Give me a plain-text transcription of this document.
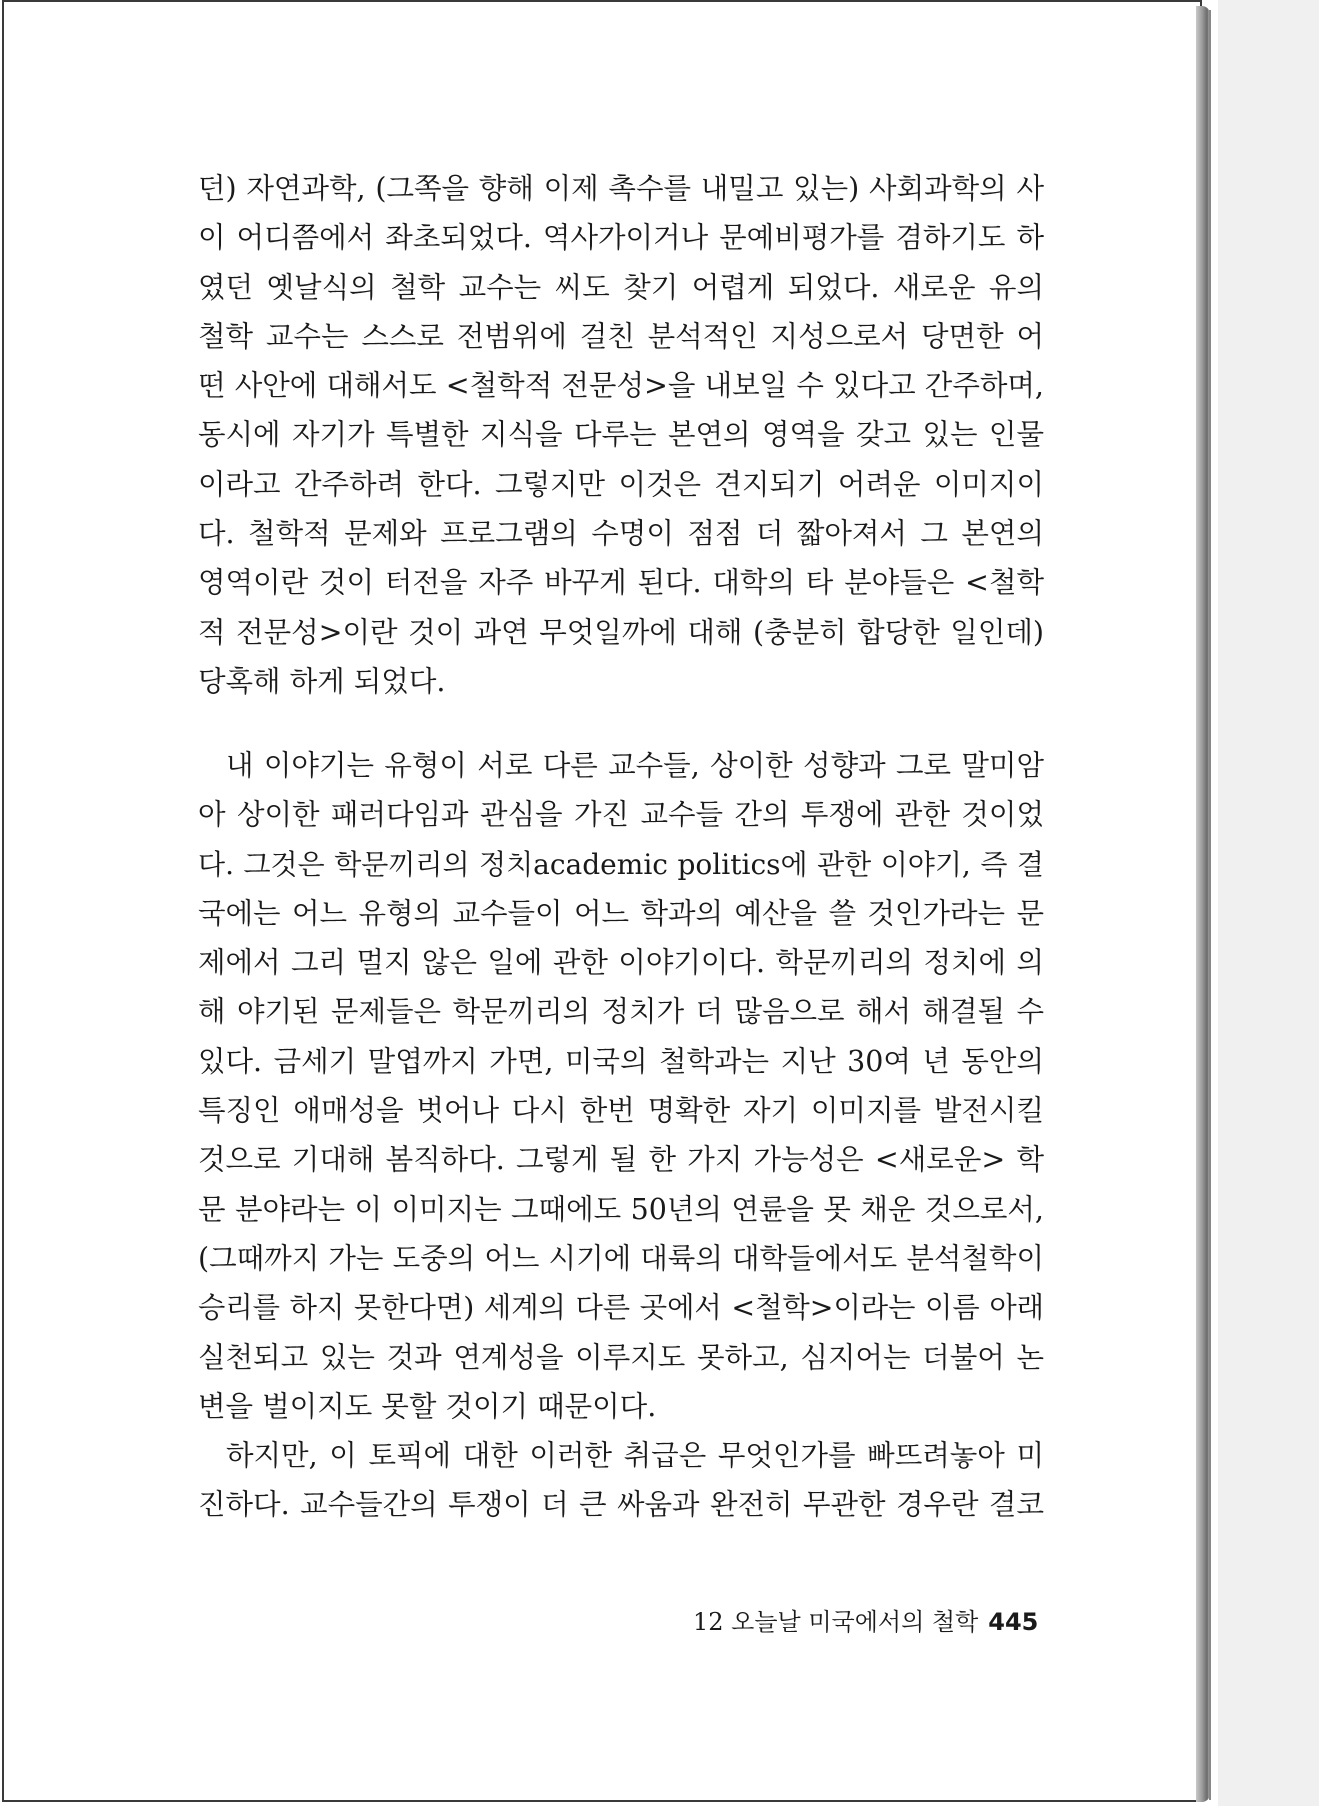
던) 자연과학, (그쪽을 향해 이제 촉수를 내밀고 있는) 사회과학의 사
이 어디쯤에서 좌초되었다. 역사가이거나 문예비평가를 겸하기도 하
였던 옛날식의 철학 교수는 씨도 찾기 어렵게 되었다. 새로운 유의
철학 교수는 스스로 전범위에 걸친 분석적인 지성으로서 당면한 어
떤 사안에 대해서도 <철학적 전문성>을 내보일 수 있다고 간주하며,
동시에 자기가 특별한 지식을 다루는 본연의 영역을 갖고 있는 인물
이라고 간주하려 한다. 그렇지만 이것은 견지되기 어려운 이미지이
다. 철학적 문제와 프로그램의 수명이 점점 더 짧아져서 그 본연의
영역이란 것이 터전을 자주 바꾸게 된다. 대학의 타 분야들은 <철학
적 전문성>이란 것이 과연 무엇일까에 대해 (충분히 합당한 일인데)
당혹해 하게 되었다.
내 이야기는 유형이 서로 다른 교수들, 상이한 성향과 그로 말미암
아 상이한 패러다임과 관심을 가진 교수들 간의 투쟁에 관한 것이었
다. 그것은 학문끼리의 정치academic politics에 관한 이야기, 즉 결
국에는 어느 유형의 교수들이 어느 학과의 예산을 쓸 것인가라는 문
제에서 그리 멀지 않은 일에 관한 이야기이다. 학문끼리의 정치에 의
해 야기된 문제들은 학문끼리의 정치가 더 많음으로 해서 해결될 수
있다. 금세기 말엽까지 가면, 미국의 철학과는 지난 30여 년 동안의
특징인 애매성을 벗어나 다시 한번 명확한 자기 이미지를 발전시킬
것으로 기대해 봄직하다. 그렇게 될 한 가지 가능성은 <새로운> 학
문 분야라는 이 이미지는 그때에도 50년의 연륜을 못 채운 것으로서,
(그때까지 가는 도중의 어느 시기에 대륙의 대학들에서도 분석철학이
승리를 하지 못한다면) 세계의 다른 곳에서 <철학>이라는 이름 아래
실천되고 있는 것과 연계성을 이루지도 못하고, 심지어는 더불어 논
변을 벌이지도 못할 것이기 때문이다.
하지만, 이 토픽에 대한 이러한 취급은 무엇인가를 빠뜨려놓아 미
진하다. 교수들간의 투쟁이 더 큰 싸움과 완전히 무관한 경우란 결코
12 오늘날 미국에서의 철학 445
